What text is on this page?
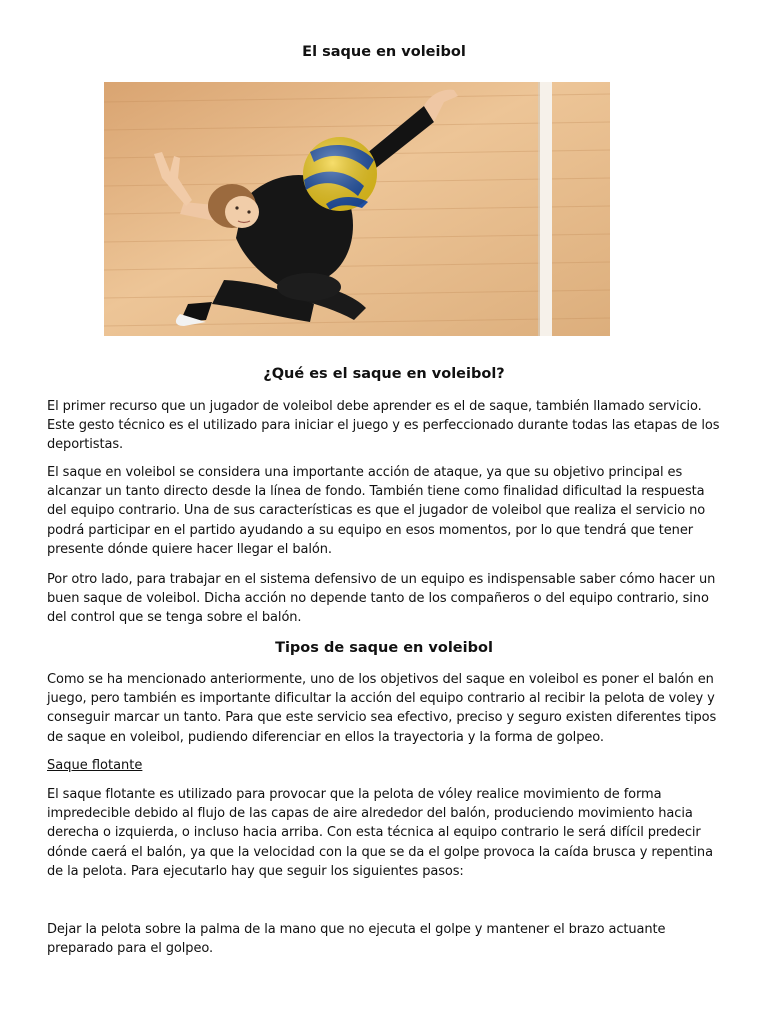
El saque en voleibol
¿Qué es el saque en voleibol?

El primer recurso que un jugador de voleibol debe aprender es el de saque, también llamado servicio. Este gesto técnico es el utilizado para iniciar el juego y es perfeccionado durante todas las etapas de los deportistas.

El saque en voleibol se considera una importante acción de ataque, ya que su objetivo principal es alcanzar un tanto directo desde la línea de fondo. También tiene como finalidad dificultad la respuesta del equipo contrario. Una de sus características es que el jugador de voleibol que realiza el servicio no podrá participar en el partido ayudando a su equipo en esos momentos, por lo que tendrá que tener presente dónde quiere hacer llegar el balón.

Por otro lado, para trabajar en el sistema defensivo de un equipo es indispensable saber cómo hacer un buen saque de voleibol. Dicha acción no depende tanto de los compañeros o del equipo contrario, sino del control que se tenga sobre el balón.

Tipos de saque en voleibol

Como se ha mencionado anteriormente, uno de los objetivos del saque en voleibol es poner el balón en juego, pero también es importante dificultar la acción del equipo contrario al recibir la pelota de voley y conseguir marcar un tanto. Para que este servicio sea efectivo, preciso y seguro existen diferentes tipos de saque en voleibol, pudiendo diferenciar en ellos la trayectoria y la forma de golpeo.

Saque flotante

El saque flotante es utilizado para provocar que la pelota de vóley realice movimiento de forma impredecible debido al flujo de las capas de aire alrededor del balón, produciendo movimiento hacia derecha o izquierda, o incluso hacia arriba. Con esta técnica al equipo contrario le será difícil predecir dónde caerá el balón, ya que la velocidad con la que se da el golpe provoca la caída brusca y repentina de la pelota. Para ejecutarlo hay que seguir los siguientes pasos:

Dejar la pelota sobre la palma de la mano que no ejecuta el golpe y mantener el brazo actuante preparado para el golpeo.
